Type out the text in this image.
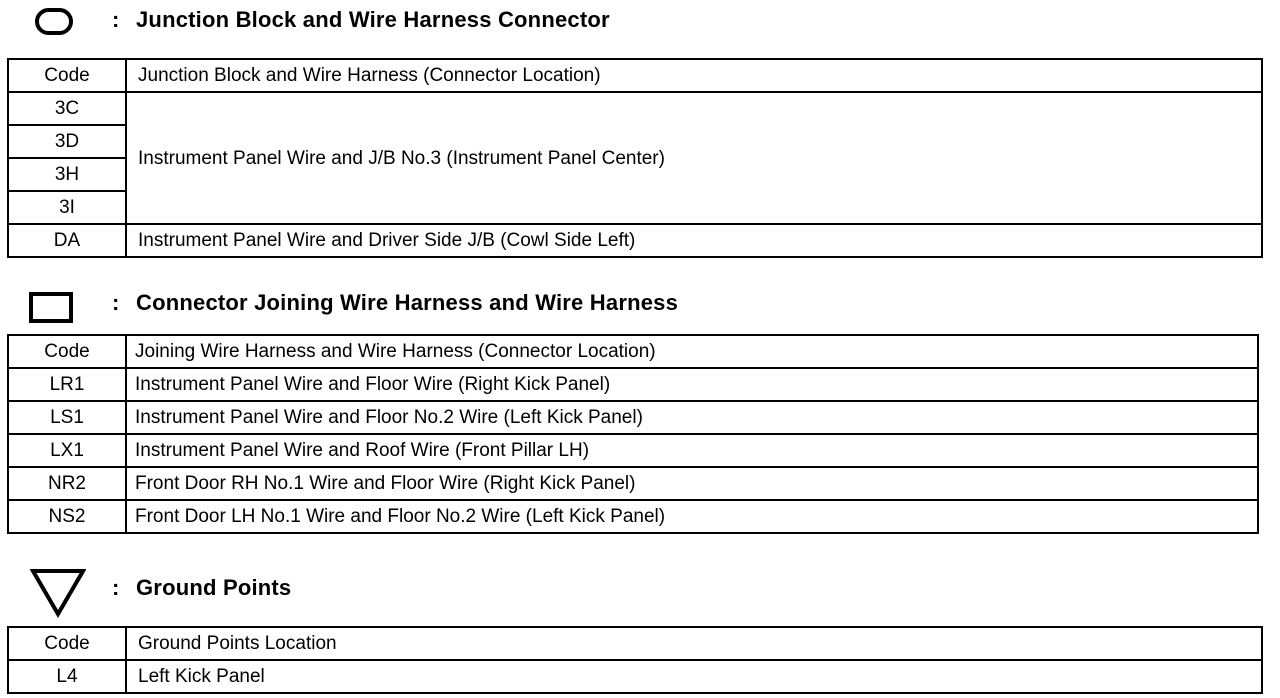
: Junction Block and Wire Harness Connector
Code	Junction Block and Wire Harness (Connector Location)
3C	Instrument Panel Wire and J/B No.3 (Instrument Panel Center)
3D	
3H	
3I	
DA	Instrument Panel Wire and Driver Side J/B (Cowl Side Left)
: Connector Joining Wire Harness and Wire Harness
Code	Joining Wire Harness and Wire Harness (Connector Location)
LR1	Instrument Panel Wire and Floor Wire (Right Kick Panel)
LS1	Instrument Panel Wire and Floor No.2 Wire (Left Kick Panel)
LX1	Instrument Panel Wire and Roof Wire (Front Pillar LH)
NR2	Front Door RH No.1 Wire and Floor Wire (Right Kick Panel)
NS2	Front Door LH No.1 Wire and Floor No.2 Wire (Left Kick Panel)
: Ground Points
Code	Ground Points Location
L4	Left Kick Panel
